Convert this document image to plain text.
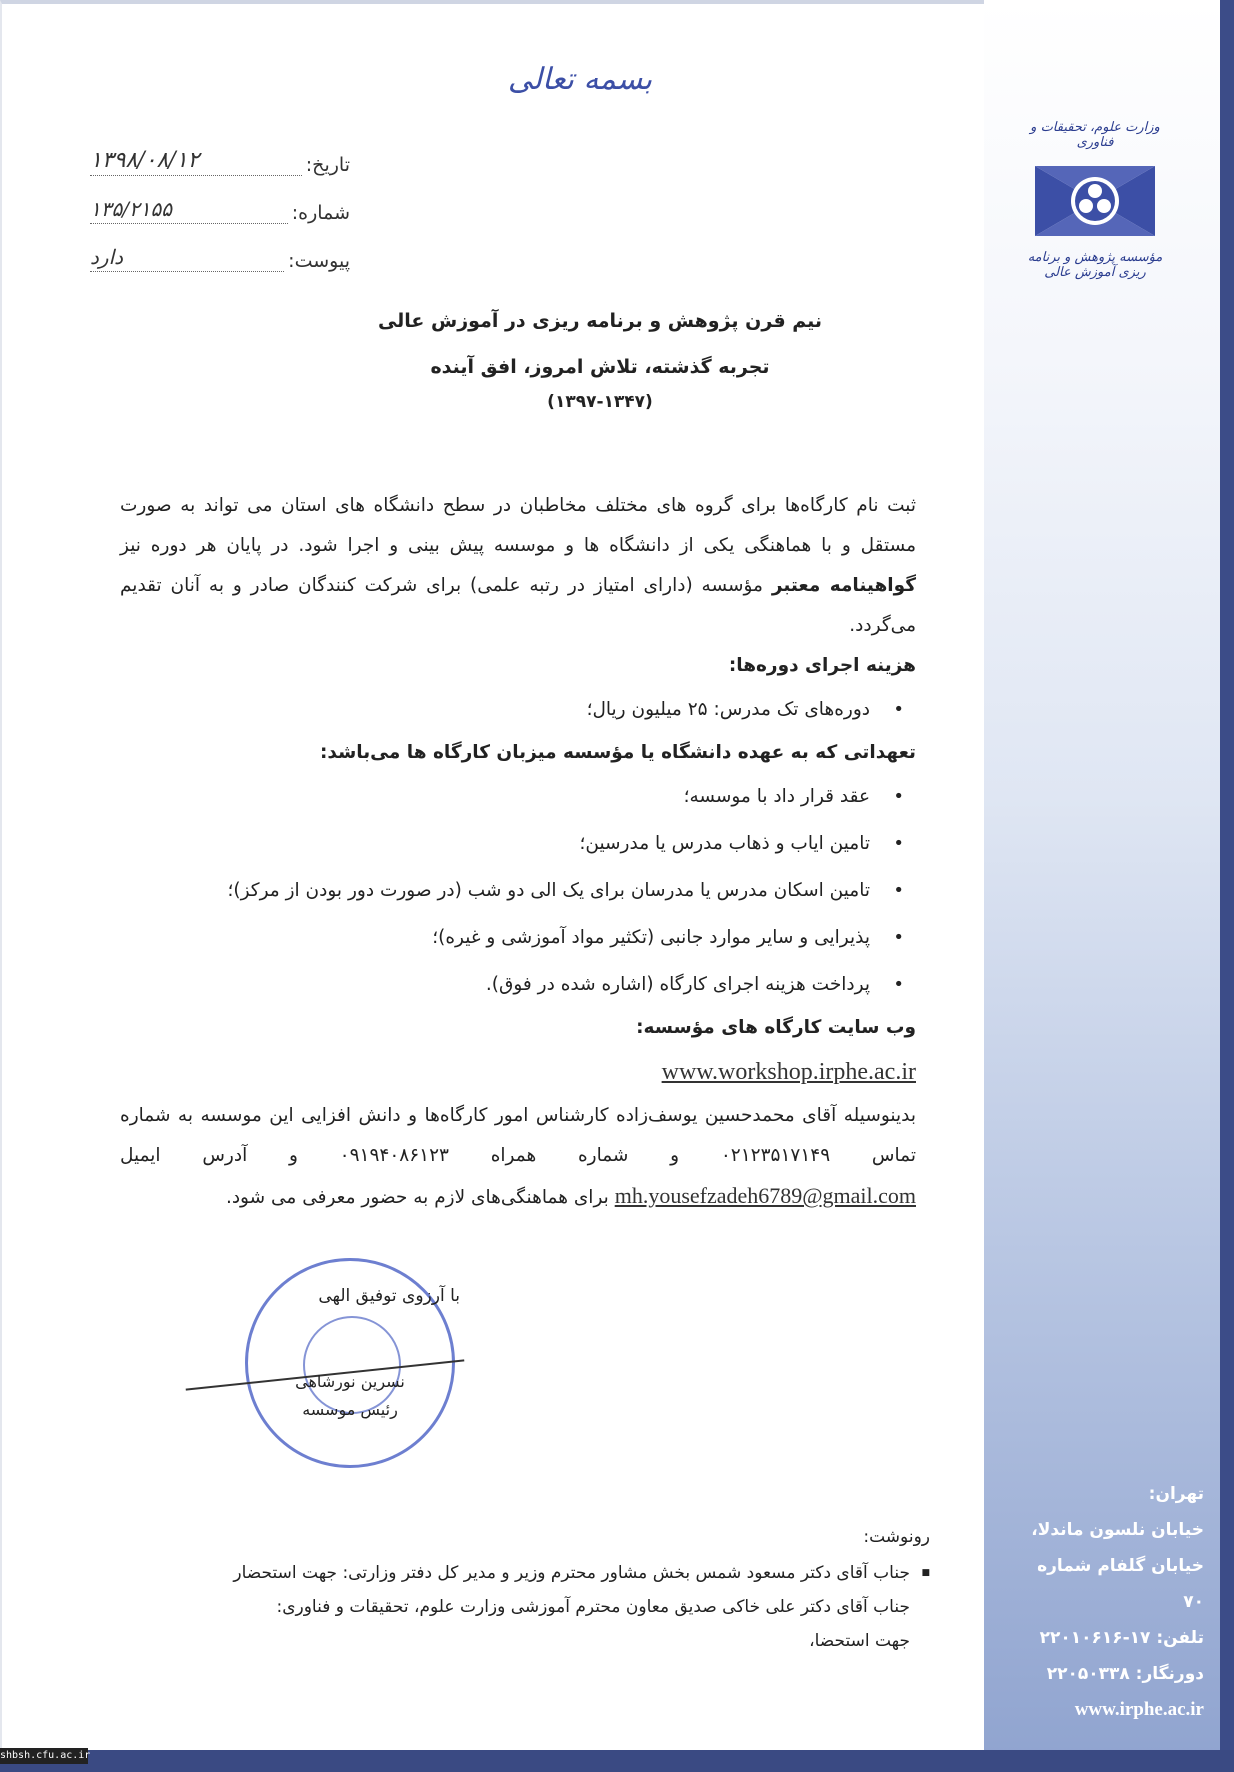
بسمه تعالی
وزارت علوم، تحقیقات و فناوری
مؤسسه پژوهش و برنامه ریزی آموزش عالی
تاریخ:
۱۳۹۸/۰۸/۱۲
شماره:
۱۳۵/۲۱۵۵
پیوست:
دارد
نیم قرن پژوهش و برنامه ریزی در آموزش عالی
تجربه گذشته، تلاش امروز، افق آینده
(۱۳۹۷-۱۳۴۷)

ثبت نام کارگاه‌ها برای گروه های مختلف مخاطبان در سطح دانشگاه های استان می تواند به صورت مستقل و با هماهنگی یکی از دانشگاه ها و موسسه پیش بینی و اجرا شود. در پایان هر دوره نیز گواهینامه معتبر مؤسسه (دارای امتیاز در رتبه علمی) برای شرکت کنندگان صادر و به آنان تقدیم می‌گردد.

هزینه اجرای دوره‌ها:

• دوره‌های تک مدرس: ۲۵ میلیون ریال؛

تعهداتی که به عهده دانشگاه یا مؤسسه میزبان کارگاه ها می‌باشد:

• عقد قرار داد با موسسه؛
• تامین ایاب و ذهاب مدرس یا مدرسین؛
• تامین اسکان مدرس یا مدرسان برای یک الی دو شب (در صورت دور بودن از مرکز)؛
• پذیرایی و سایر موارد جانبی (تکثیر مواد آموزشی و غیره)؛
• پرداخت هزینه اجرای کارگاه (اشاره شده در فوق).

وب سایت کارگاه های مؤسسه:

www.workshop.irphe.ac.ir

بدینوسیله آقای محمدحسین یوسف‌زاده کارشناس امور کارگاه‌ها و دانش افزایی این موسسه به شماره تماس ۰۲۱۲۳۵۱۷۱۴۹ و شماره همراه ۰۹۱۹۴۰۸۶۱۲۳ و آدرس ایمیل mh.yousefzadeh6789@gmail.com برای هماهنگی‌های لازم به حضور معرفی می شود.

با آرزوی توفیق الهی
نسرین نورشاهی
رئیس موسسه
تهران:
خیابان نلسون ماندلا،
خیابان گلفام شماره ۷۰
تلفن: ۱۷-۲۲۰۱۰۶۱۶
دورنگار: ۲۲۰۵۰۳۳۸
www.irphe.ac.ir
رونوشت:
■ جناب آقای دکتر مسعود شمس بخش مشاور محترم وزیر و مدیر کل دفتر وزارتی: جهت استحضار
جناب آقای دکتر علی خاکی صدیق معاون محترم آموزشی وزارت علوم، تحقیقات و فناوری:
جهت استحضا،
shbsh.cfu.ac.ir
